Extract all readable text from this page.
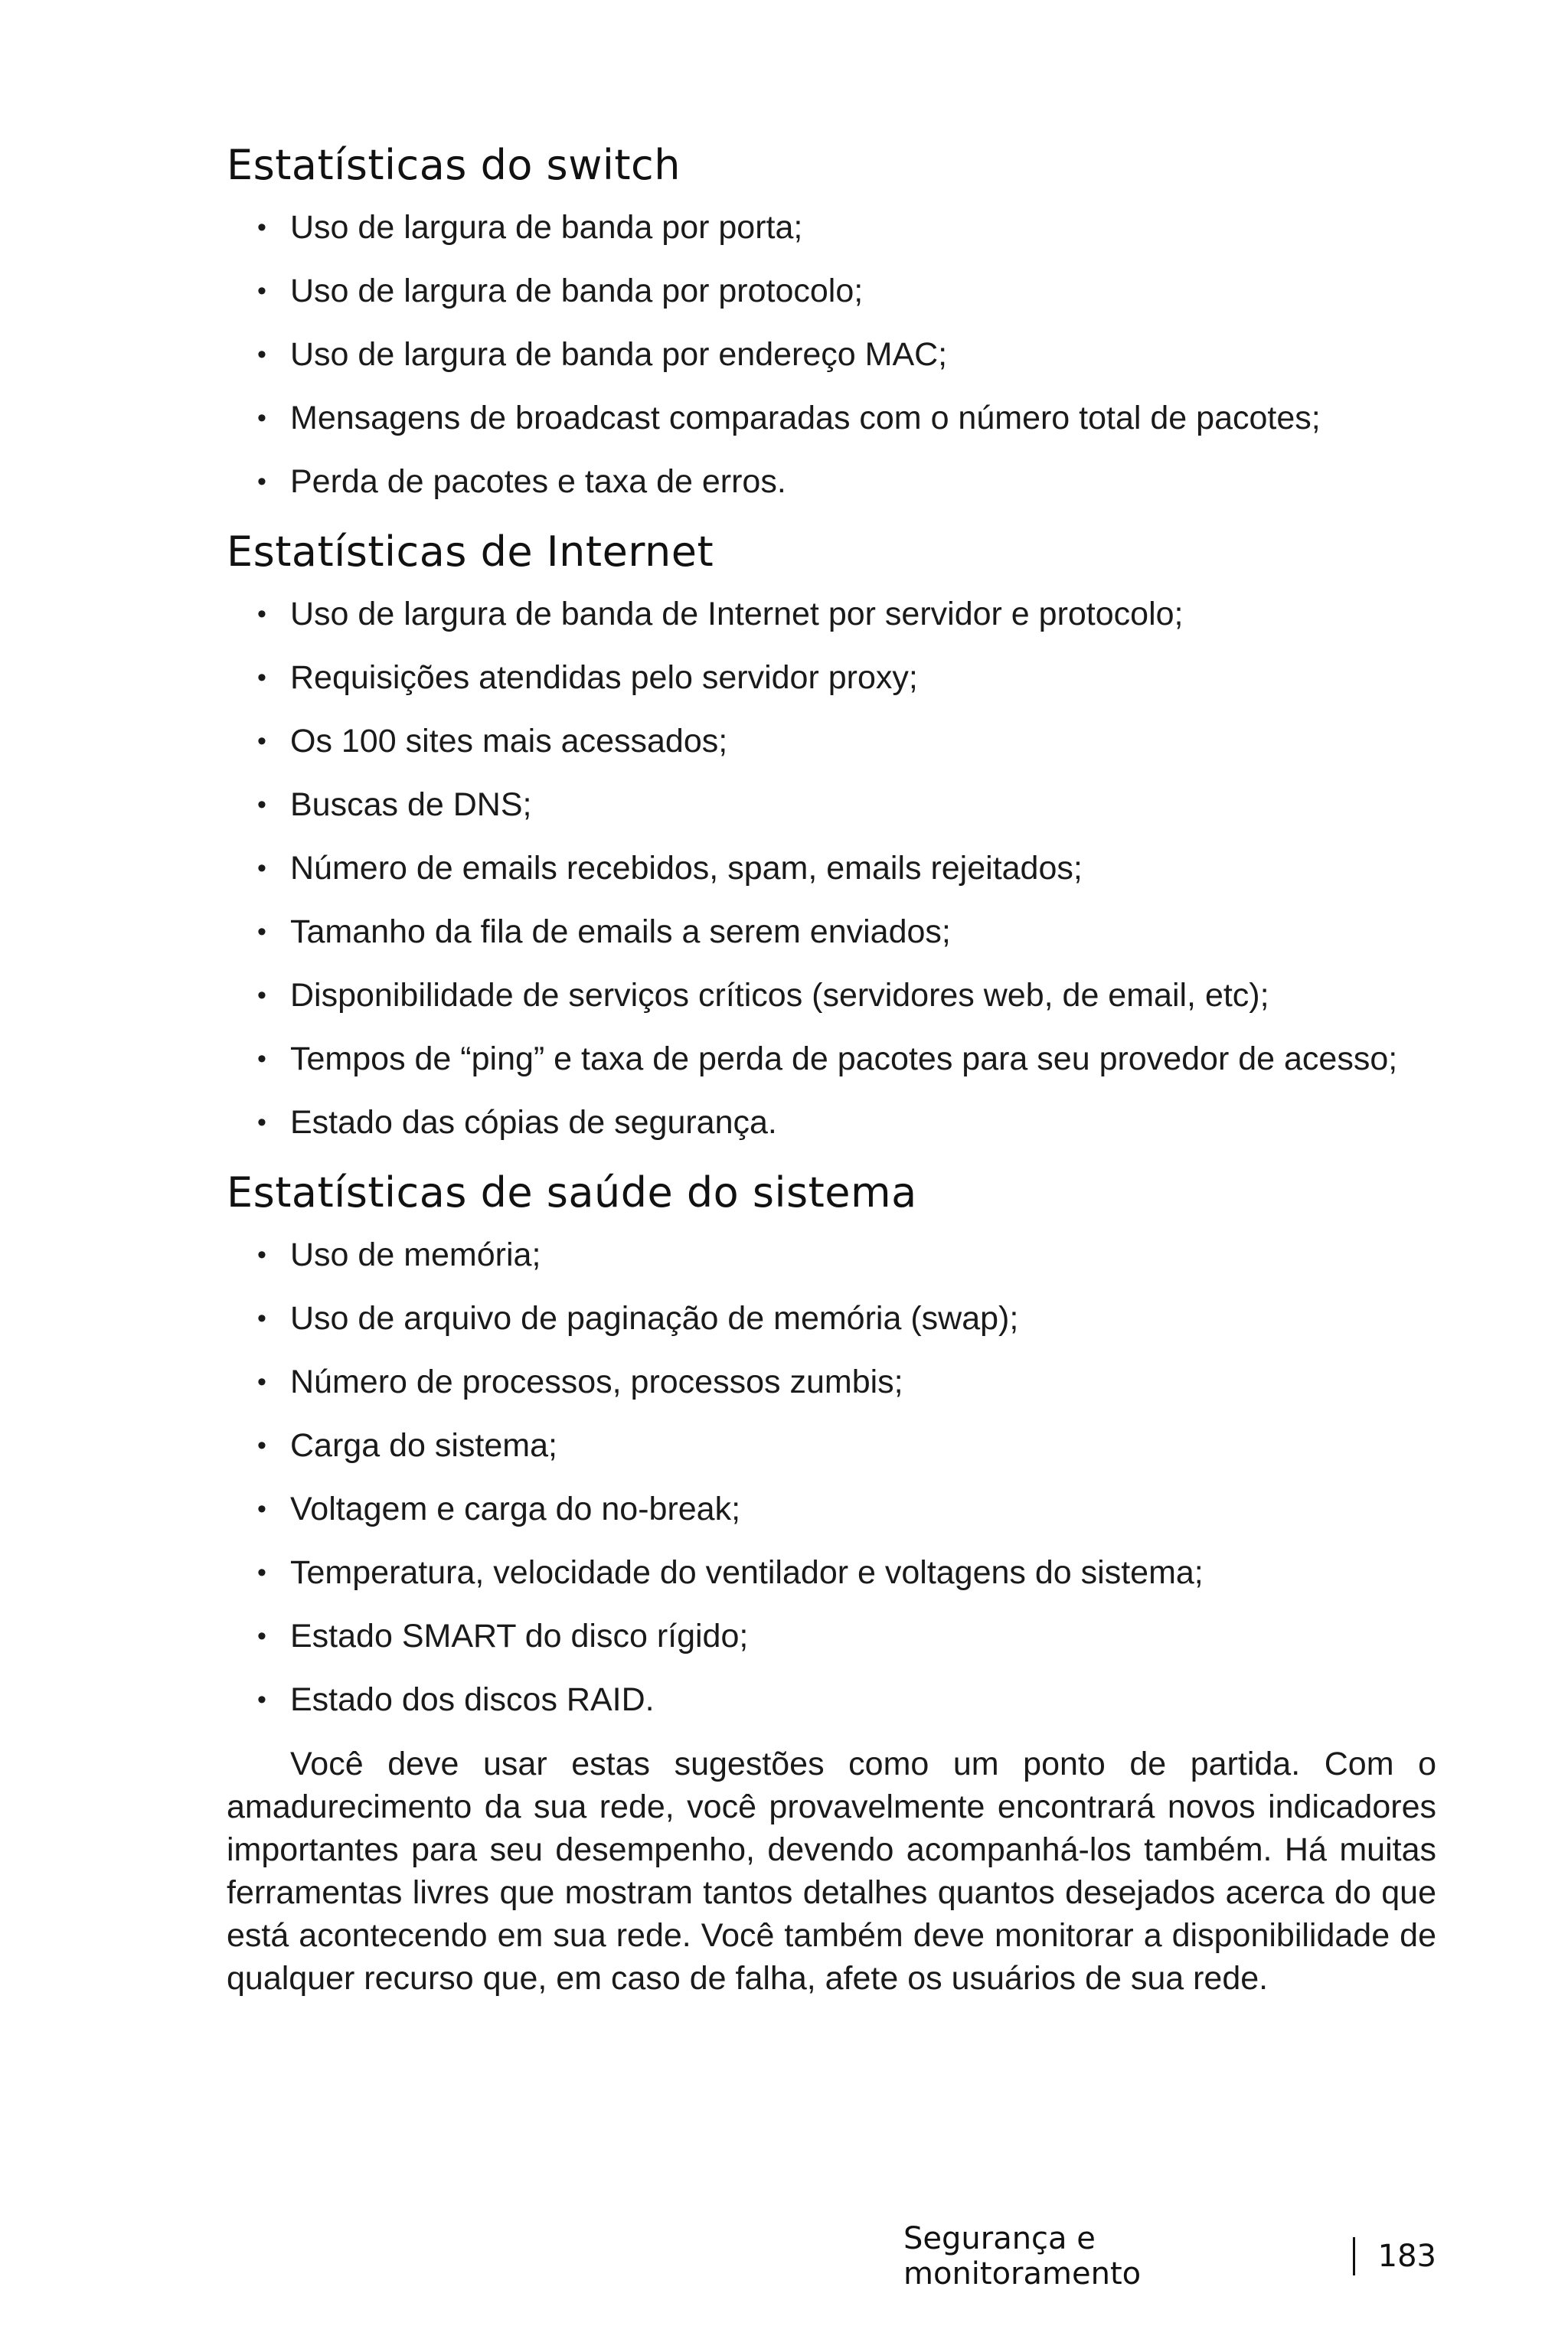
Estatísticas do switch
• Uso de largura de banda por porta;
• Uso de largura de banda por protocolo;
• Uso de largura de banda por endereço MAC;
• Mensagens de broadcast comparadas com o número total de pacotes;
• Perda de pacotes e taxa de erros.
Estatísticas de Internet
• Uso de largura de banda de Internet por servidor e protocolo;
• Requisições atendidas pelo servidor proxy;
• Os 100 sites mais acessados;
• Buscas de DNS;
• Número de emails recebidos, spam, emails rejeitados;
• Tamanho da fila de emails a serem enviados;
• Disponibilidade de serviços críticos (servidores web, de email, etc);
• Tempos de “ping” e taxa de perda de pacotes para seu provedor de acesso;
• Estado das cópias de segurança.
Estatísticas de saúde do sistema
• Uso de memória;
• Uso de arquivo de paginação de memória (swap);
• Número de processos, processos zumbis;
• Carga do sistema;
• Voltagem e carga do no-break;
• Temperatura, velocidade do ventilador e voltagens do sistema;
• Estado SMART do disco rígido;
• Estado dos discos RAID.

Você deve usar estas sugestões como um ponto de partida. Com o amadurecimento da sua rede, você provavelmente encontrará novos indicadores importantes para seu desempenho, devendo acompanhá-los também. Há muitas ferramentas livres que mostram tantos detalhes quantos desejados acerca do que está acontecendo em sua rede. Você também deve monitorar a disponibilidade de qualquer recurso que, em caso de falha, afete os usuários de sua rede.

Segurança e monitoramento	183
